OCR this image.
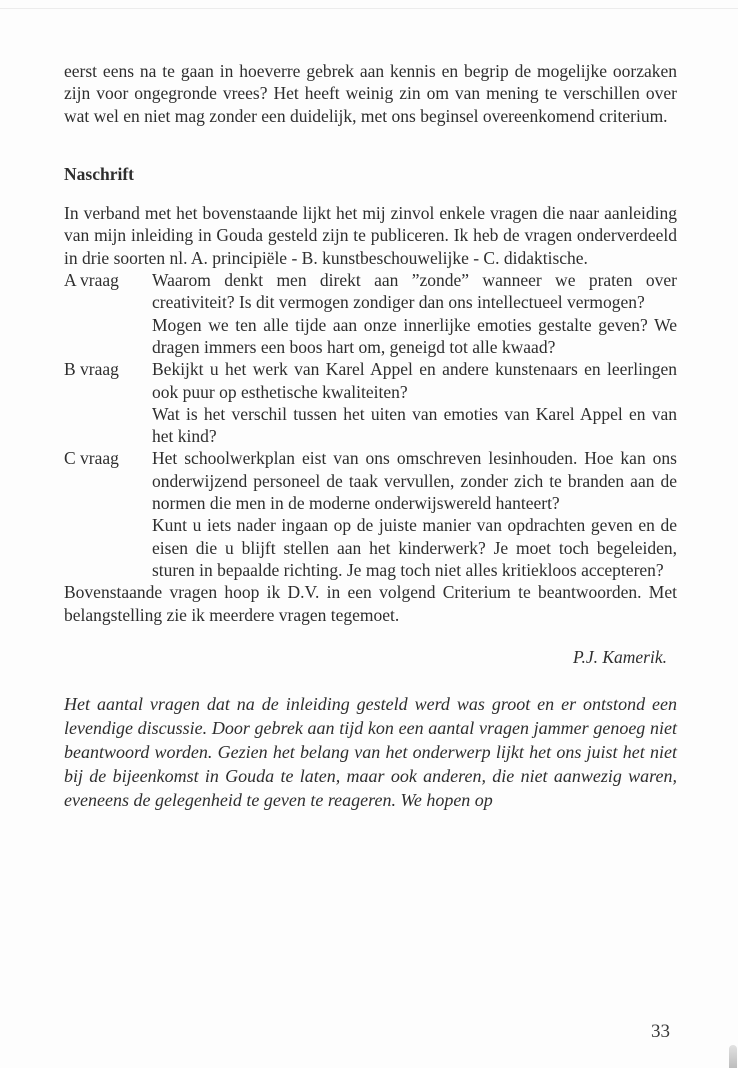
eerst eens na te gaan in hoeverre gebrek aan kennis en begrip de mogelijke oorzaken zijn voor ongegronde vrees? Het heeft weinig zin om van mening te verschillen over wat wel en niet mag zonder een duidelijk, met ons beginsel overeenkomend criterium.

Naschrift

In verband met het bovenstaande lijkt het mij zinvol enkele vragen die naar aanleiding van mijn inleiding in Gouda gesteld zijn te publiceren. Ik heb de vragen onderverdeeld in drie soorten nl. A. principiële - B. kunstbeschouwelijke - C. didaktische.

A vraag	Waarom denkt men direkt aan ”zonde” wanneer we praten over creativiteit? Is dit vermogen zondiger dan ons intellectueel vermogen?

Mogen we ten alle tijde aan onze innerlijke emoties gestalte geven? We dragen immers een boos hart om, geneigd tot alle kwaad?

B vraag	Bekijkt u het werk van Karel Appel en andere kunstenaars en leerlingen ook puur op esthetische kwaliteiten?

Wat is het verschil tussen het uiten van emoties van Karel Appel en van het kind?

C vraag	Het schoolwerkplan eist van ons omschreven lesinhouden. Hoe kan ons onderwijzend personeel de taak vervullen, zonder zich te branden aan de normen die men in de moderne onderwijswereld hanteert?

Kunt u iets nader ingaan op de juiste manier van opdrachten geven en de eisen die u blijft stellen aan het kinderwerk? Je moet toch begeleiden, sturen in bepaalde richting. Je mag toch niet alles kritiekloos accepteren?

Bovenstaande vragen hoop ik D.V. in een volgend Criterium te beantwoorden. Met belangstelling zie ik meerdere vragen tegemoet.

P.J. Kamerik.

Het aantal vragen dat na de inleiding gesteld werd was groot en er ontstond een levendige discussie. Door gebrek aan tijd kon een aantal vragen jammer genoeg niet beantwoord worden. Gezien het belang van het onderwerp lijkt het ons juist het niet bij de bijeenkomst in Gouda te laten, maar ook anderen, die niet aanwezig waren, eveneens de gelegenheid te geven te reageren. We hopen op

33
